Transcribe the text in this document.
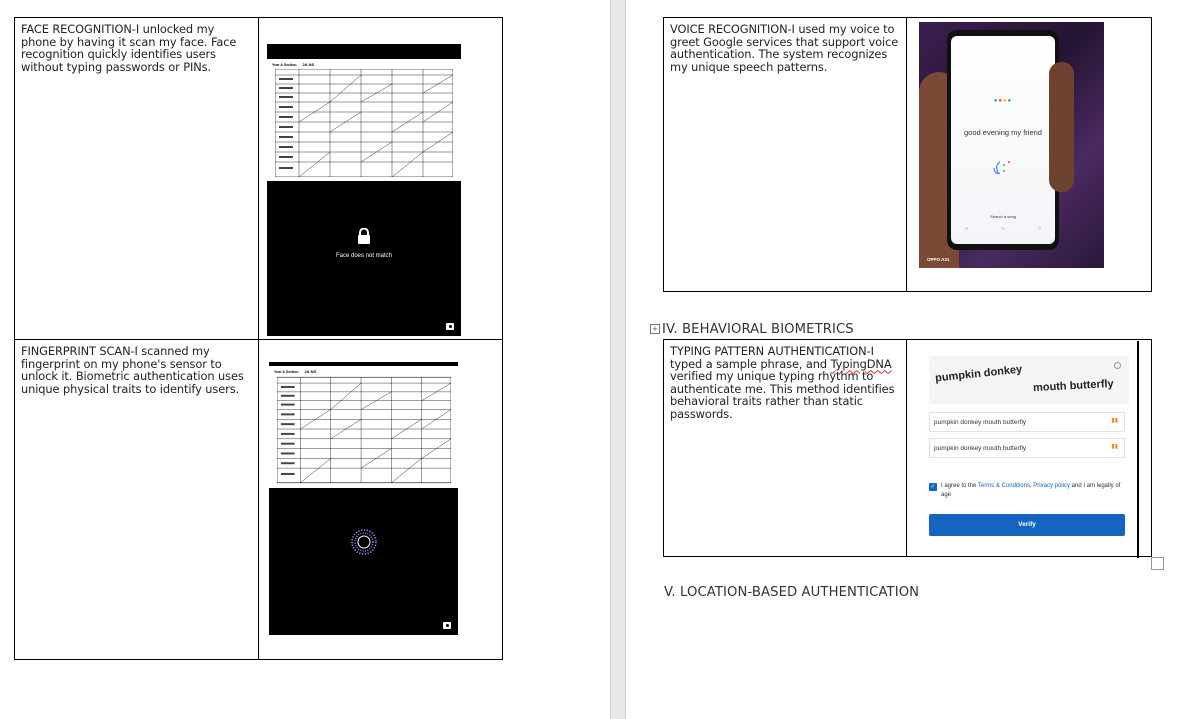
FACE RECOGNITION-I unlocked my phone by having it scan my face. Face recognition quickly identifies users without typing passwords or PINs.	Year & Section 2A NS
Face does not match

FINGERPRINT SCAN-I scanned my fingerprint on my phone's sensor to unlock it. Biometric authentication uses unique physical traits to identify users.	Year & Section 2A NS
VOICE RECOGNITION-I used my voice to greet Google services that support voice authentication. The system recognizes my unique speech patterns.

●●●●
good evening my friend
Search a song
○	○	○
OPPO A31
+ IV. BEHAVIORAL BIOMETRICS
TYPING PATTERN AUTHENTICATION-I typed a sample phrase, and TypingDNA verified my unique typing rhythm to authenticate me. This method identifies behavioral traits rather than static passwords.

pumpkin donkey
mouth butterfly
pumpkin donkey mouth butterfly	▮▮
pumpkin donkey mouth butterfly	▮▮
✓ I agree to the Terms & Conditions, Privacy policy and I am legally of age
Verify
V. LOCATION-BASED AUTHENTICATION
